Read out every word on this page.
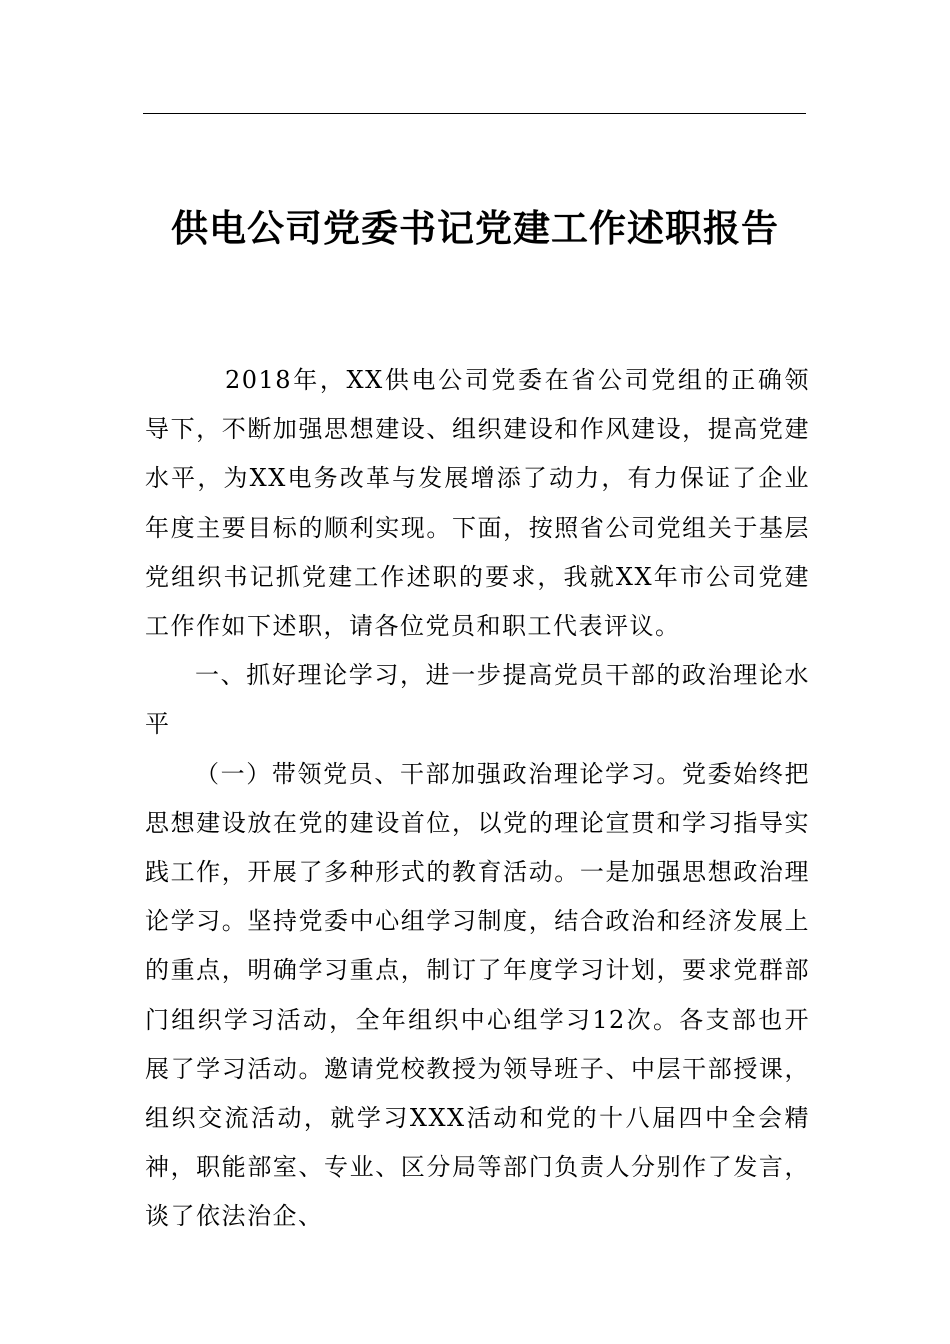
供电公司党委书记党建工作述职报告

2018年，XX供电公司党委在省公司党组的正确领导下，不断加强思想建设、组织建设和作风建设，提高党建水平，为XX电务改革与发展增添了动力，有力保证了企业年度主要目标的顺利实现。下面，按照省公司党组关于基层党组织书记抓党建工作述职的要求，我就XX年市公司党建工作作如下述职，请各位党员和职工代表评议。

一、抓好理论学习，进一步提高党员干部的政治理论水平

（一）带领党员、干部加强政治理论学习。党委始终把思想建设放在党的建设首位，以党的理论宣贯和学习指导实践工作，开展了多种形式的教育活动。一是加强思想政治理论学习。坚持党委中心组学习制度，结合政治和经济发展上的重点，明确学习重点，制订了年度学习计划，要求党群部门组织学习活动，全年组织中心组学习12次。各支部也开展了学习活动。邀请党校教授为领导班子、中层干部授课，组织交流活动，就学习XXX活动和党的十八届四中全会精神，职能部室、专业、区分局等部门负责人分别作了发言，谈了依法治企、
